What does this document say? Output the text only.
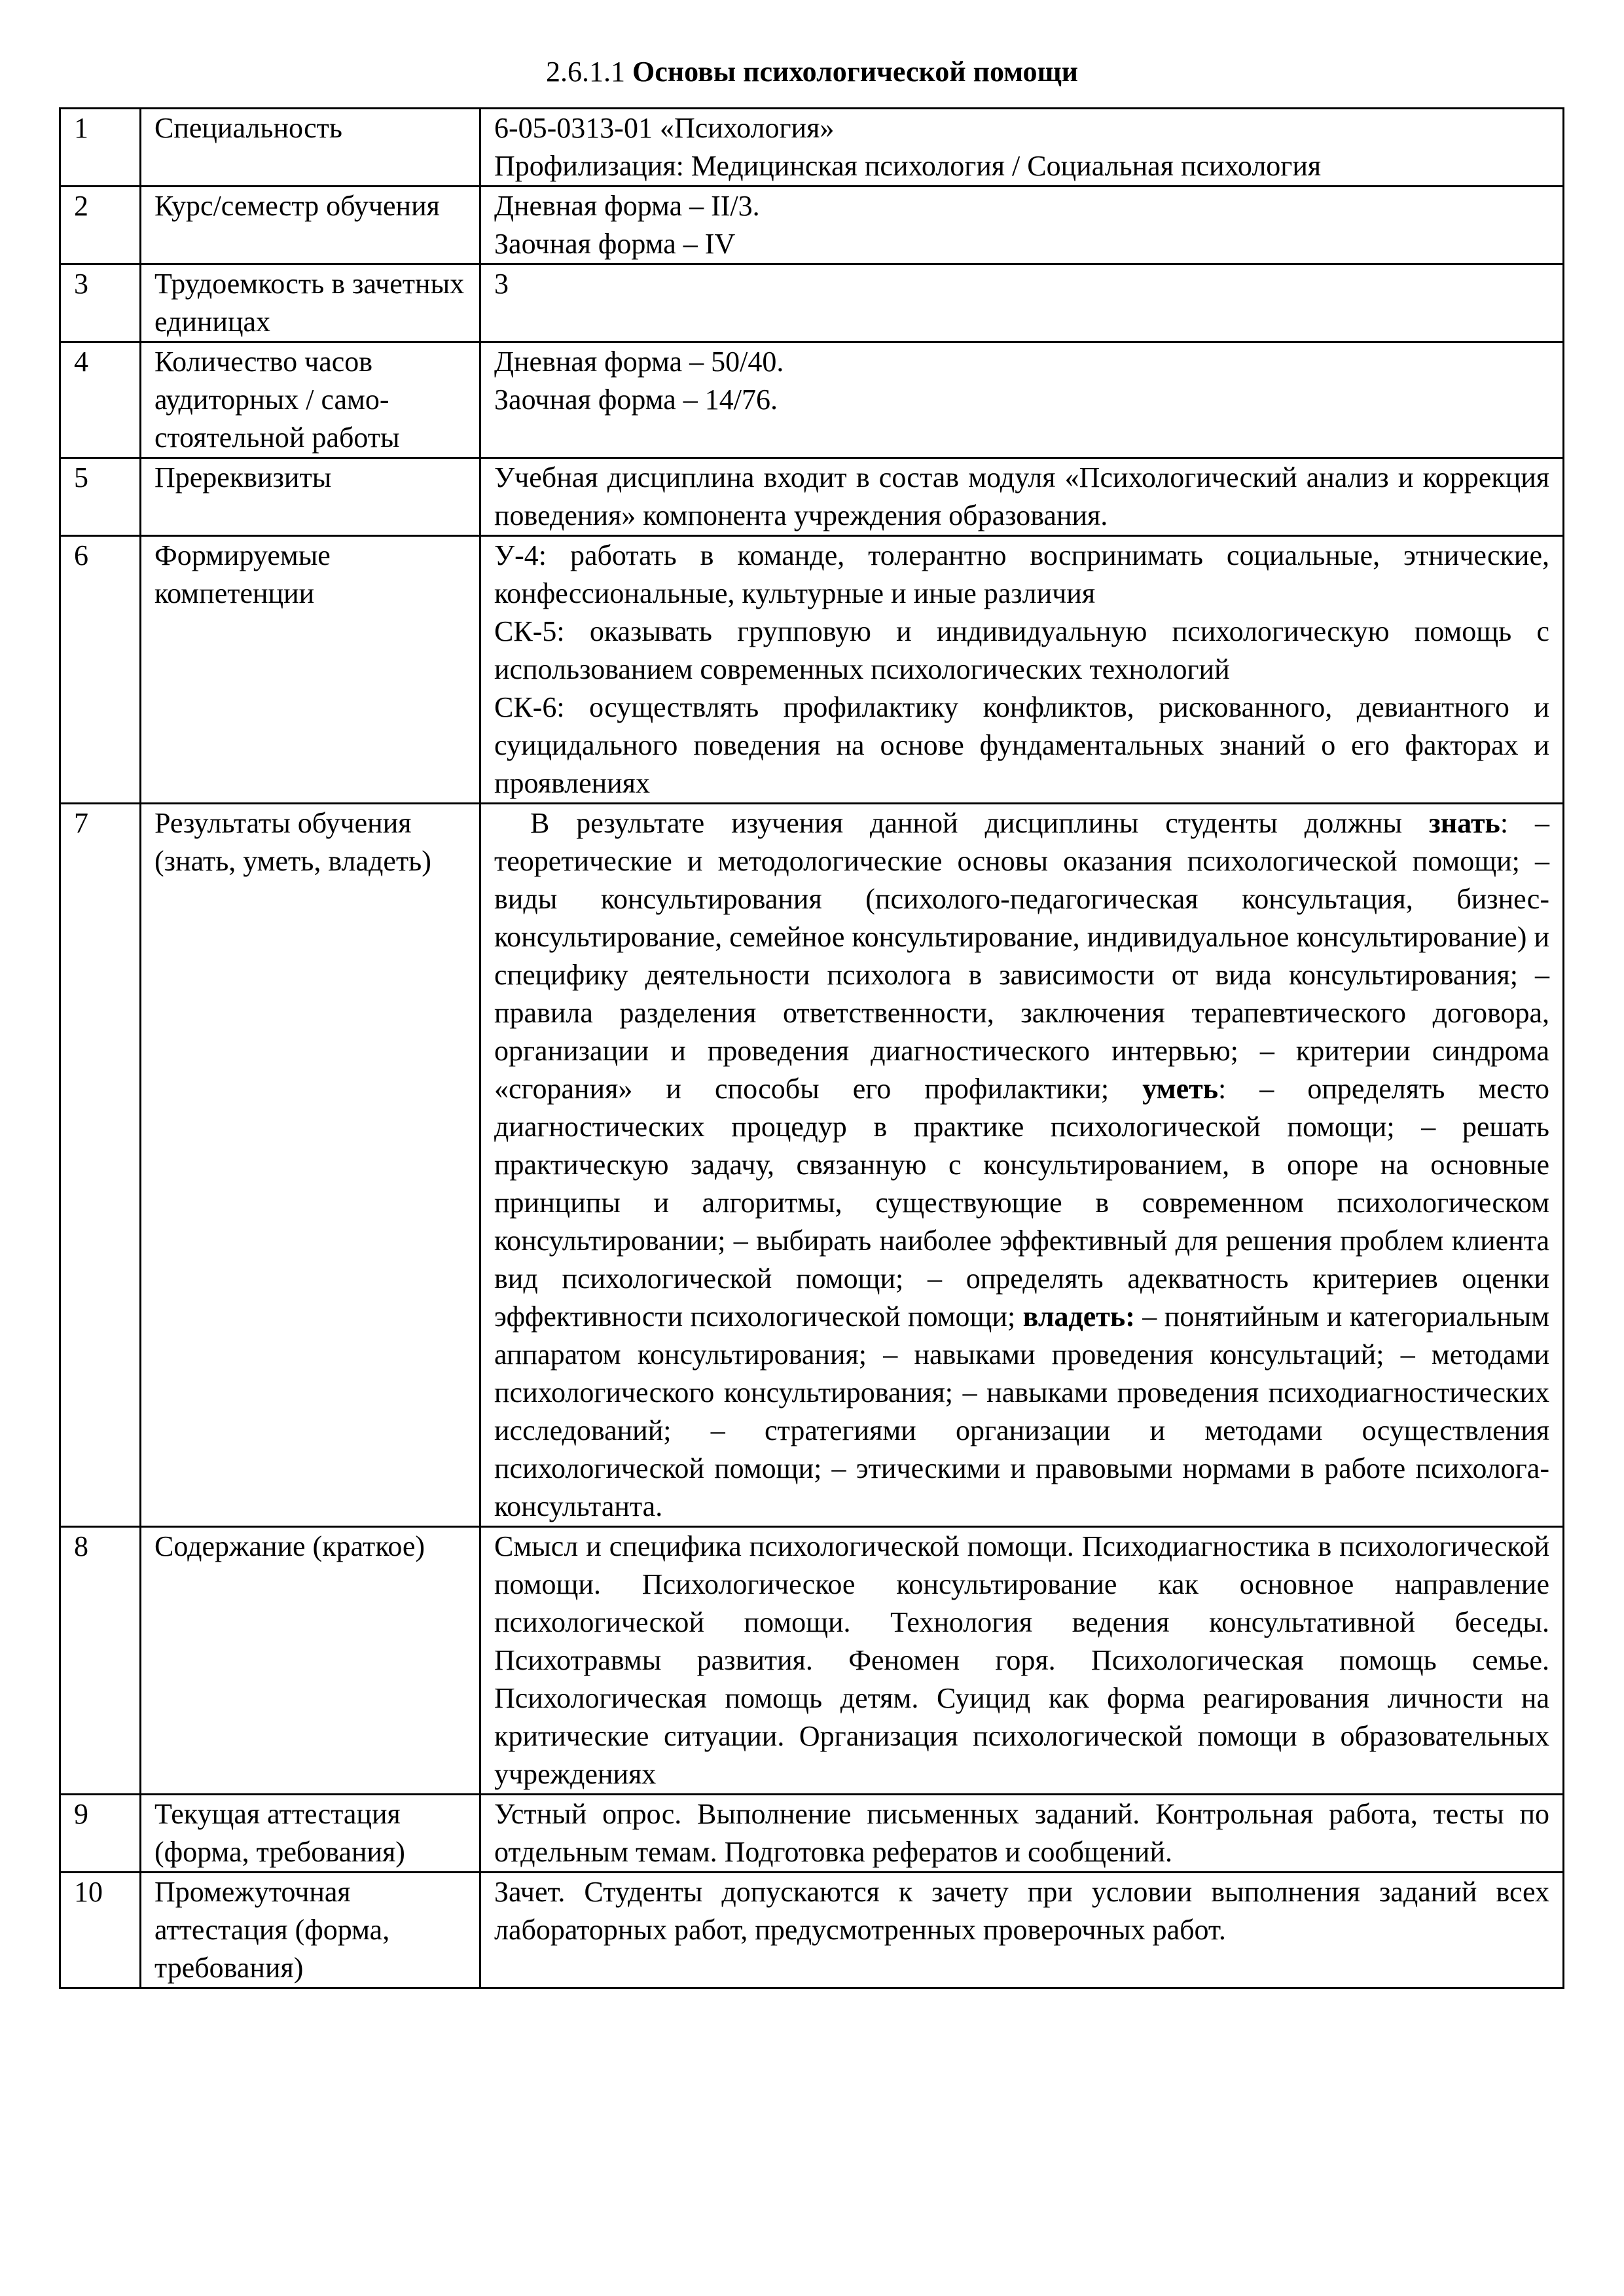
2.6.1.1 Основы психологической помощи
1	Специальность	6-05-0313-01 «Психология»
Профилизация: Медицинская психология / Социальная психология

2	Курс/семестр обучения	Дневная форма – II/3.
Заочная форма – IV

3	Трудоемкость в зачетных единицах	3

4	Количество часов аудиторных / само-стоятельной работы	Дневная форма – 50/40.
Заочная форма – 14/76.

5	Пререквизиты	Учебная дисциплина входит в состав модуля «Психологический анализ и коррекция поведения» компонента учреждения образования.
6	Формируемые компетенции	У-4: работать в команде, толерантно воспринимать социальные, этнические, конфессиональные, культурные и иные различия
СК-5: оказывать групповую и индивидуальную психологическую помощь с использованием современных психологических технологий
СК-6: осуществлять профилактику конфликтов, рискованного, девиантного и суицидального поведения на основе фундаментальных знаний о его факторах и проявлениях

7	Результаты обучения (знать, уметь, владеть)	В результате изучения данной дисциплины студенты должны знать: – теоретические и методологические основы оказания психологической помощи; – виды консультирования (психолого-педагогическая консультация, бизнес-консультирование, семейное консультирование, индивидуальное консультирование) и специфику деятельности психолога в зависимости от вида консультирования; – правила разделения ответственности, заключения терапевтического договора, организации и проведения диагностического интервью; – критерии синдрома «сгорания» и способы его профилактики; уметь: – определять место диагностических процедур в практике психологической помощи; – решать практическую задачу, связанную с консультированием, в опоре на основные принципы и алгоритмы, существующие в современном психологическом консультировании; – выбирать наиболее эффективный для решения проблем клиента вид психологической помощи; – определять адекватность критериев оценки эффективности психологической помощи; владеть: – понятийным и категориальным аппаратом консультирования; – навыками проведения консультаций; – методами психологического консультирования; – навыками проведения психодиагностических исследований; – стратегиями организации и методами осуществления психологической помощи; – этическими и правовыми нормами в работе психолога-консультанта.

8	Содержание (краткое)	Смысл и специфика психологической помощи. Психодиагностика в психологической помощи. Психологическое консультирование как основное направление психологической помощи. Технология ведения консультативной беседы. Психотравмы развития. Феномен горя. Психологическая помощь семье. Психологическая помощь детям. Суицид как форма реагирования личности на критические ситуации. Организация психологической помощи в образовательных учреждениях
9	Текущая аттестация (форма, требования)	Устный опрос. Выполнение письменных заданий. Контрольная работа, тесты по отдельным темам. Подготовка рефератов и сообщений.
10	Промежуточная аттестация (форма, требования)	Зачет. Студенты допускаются к зачету при условии выполнения заданий всех лабораторных работ, предусмотренных проверочных работ.
